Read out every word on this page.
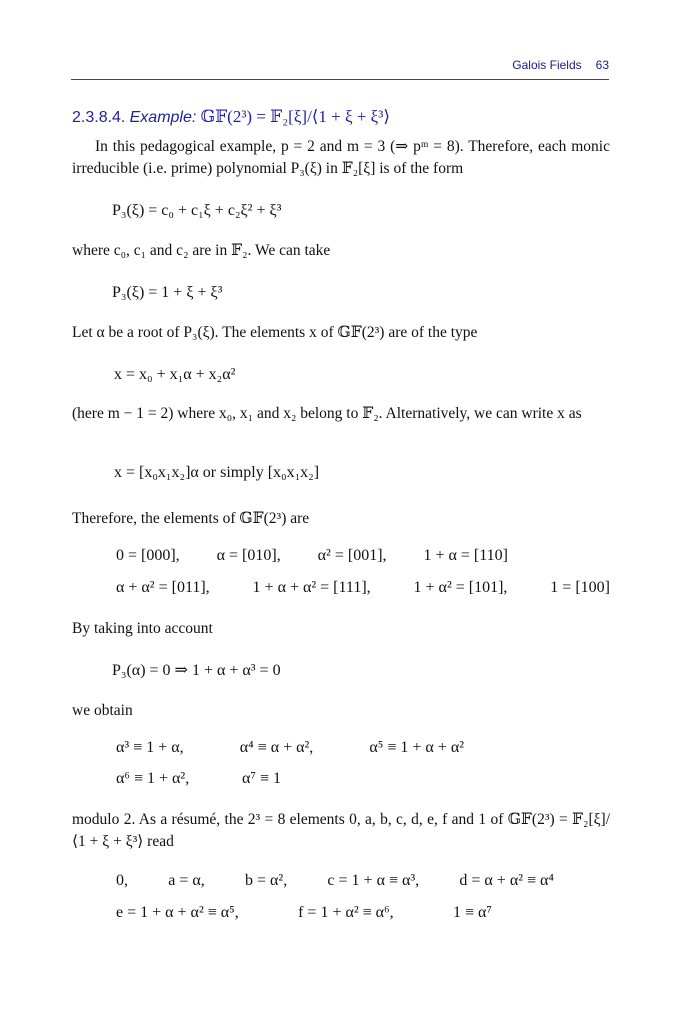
Galois Fields 63
2.3.8.4. Example: 𝔾𝔽(2³) = 𝔽₂[ξ]/⟨1 + ξ + ξ³⟩
In this pedagogical example, p = 2 and m = 3 (⇒ pᵐ = 8). Therefore, each monic irreducible (i.e. prime) polynomial P₃(ξ) in 𝔽₂[ξ] is of the form
P₃(ξ) = c₀ + c₁ξ + c₂ξ² + ξ³
where c₀, c₁ and c₂ are in 𝔽₂. We can take
P₃(ξ) = 1 + ξ + ξ³
Let α be a root of P₃(ξ). The elements x of 𝔾𝔽(2³) are of the type
x = x₀ + x₁α + x₂α²
(here m − 1 = 2) where x₀, x₁ and x₂ belong to 𝔽₂. Alternatively, we can write x as
x = [x₀x₁x₂]α or simply [x₀x₁x₂]
Therefore, the elements of 𝔾𝔽(2³) are
0 = [000], α = [010], α² = [001], 1 + α = [110]
α + α² = [011],	1 + α + α² = [111],	1 + α² = [101],	1 = [100]
By taking into account
P₃(α) = 0 ⇒ 1 + α + α³ = 0
we obtain
α³ ≡ 1 + α,	α⁴ ≡ α + α²,	α⁵ ≡ 1 + α + α²
α⁶ ≡ 1 + α²,	α⁷ ≡ 1
modulo 2. As a résumé, the 2³ = 8 elements 0, a, b, c, d, e, f and 1 of 𝔾𝔽(2³) = 𝔽₂[ξ]/⟨1 + ξ + ξ³⟩ read
0,	a = α,	b = α²,	c = 1 + α ≡ α³,	d = α + α² ≡ α⁴
e = 1 + α + α² ≡ α⁵,	f = 1 + α² ≡ α⁶,	1 ≡ α⁷
